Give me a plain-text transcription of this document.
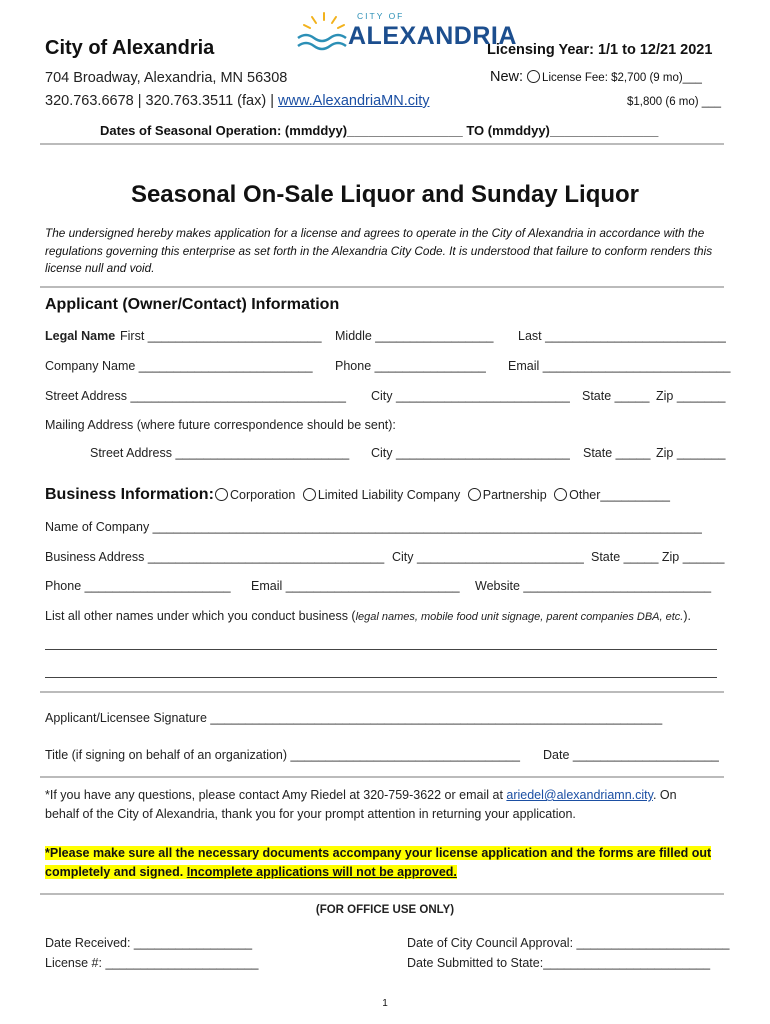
City of Alexandria
704 Broadway, Alexandria, MN 56308
320.763.6678 | 320.763.3511 (fax) | www.AlexandriaMN.city
CITY OF
ALEXANDRIA
Licensing Year: 1/1 to 12/21 2021
New: License Fee: $2,700 (9 mo)___
$1,800 (6 mo) ___
Dates of Seasonal Operation: (mmddyy)________________ TO (mmddyy)_______________
Seasonal On-Sale Liquor and Sunday Liquor
The undersigned hereby makes application for a license and agrees to operate in the City of Alexandria in accordance with the regulations governing this enterprise as set forth in the Alexandria City Code. It is understood that failure to conform renders this license null and void.
Applicant (Owner/Contact) Information
Legal Name First _________________________ Middle _________________ Last __________________________
Company Name _________________________ Phone ________________ Email ___________________________
Street Address _______________________________ City _________________________ State _____ Zip _______
Mailing Address (where future correspondence should be sent):
Street Address _________________________ City _________________________ State _____ Zip _______
Business Information:	Corporation Limited Liability Company Partnership Other__________
Name of Company _______________________________________________________________________________
Business Address __________________________________ City ________________________ State _____ Zip ______
Phone _____________________ Email _________________________ Website ___________________________
List all other names under which you conduct business (legal names, mobile food unit signage, parent companies DBA, etc.).
Applicant/Licensee Signature _________________________________________________________________
Title (if signing on behalf of an organization) _________________________________ Date _____________________
*If you have any questions, please contact Amy Riedel at 320-759-3622 or email at ariedel@alexandriamn.city. On
behalf of the City of Alexandria, thank you for your prompt attention in returning your application.
*Please make sure all the necessary documents accompany your license application and the forms are filled out
completely and signed. Incomplete applications will not be approved.
(FOR OFFICE USE ONLY)
Date Received: _________________
License #: ______________________
Date of City Council Approval: ______________________
Date Submitted to State:________________________
1
